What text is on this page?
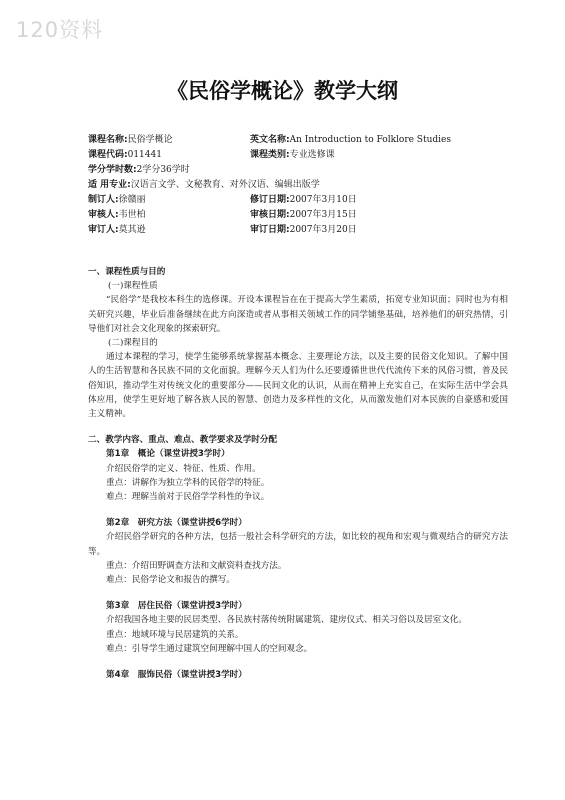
120资料
《民俗学概论》教学大纲
课程名称:民俗学概论	英文名称:An Introduction to Folklore Studies
课程代码:011441	课程类别:专业选修课
学分学时数:2学分36学时
适 用专业:汉语言文学、文秘教育、对外汉语、编辑出版学
制订人:徐赣丽	修订日期:2007年3月10日
审核人:韦世柏	审核日期:2007年3月15日
审订人:莫其逊	审订日期:2007年3月20日
一、课程性质与目的
(一)课程性质
“民俗学”是我校本科生的选修课。开设本课程旨在在于提高大学生素质，拓宽专业知识面；同时也为有相关研究兴趣，毕业后准备继续在此方向深造或者从事相关领域工作的同学铺垫基础，培养他们的研究热情，引导他们对社会文化现象的探索研究。
(二)课程目的
通过本课程的学习，使学生能够系统掌握基本概念、主要理论方法，以及主要的民俗文化知识。了解中国人的生活智慧和各民族不同的文化面貌。理解今天人们为什么还要遵循世世代代流传下来的风俗习惯，普及民俗知识，推动学生对传统文化的重要部分——民间文化的认识，从而在精神上充实自己，在实际生活中学会具体应用，使学生更好地了解各族人民的智慧、创造力及多样性的文化，从而激发他们对本民族的自豪感和爱国主义精神。
二、教学内容、重点、难点、教学要求及学时分配
第1章　概论（课堂讲授3学时）
介绍民俗学的定义、特征、性质、作用。
重点：讲解作为独立学科的民俗学的特征。
难点：理解当前对于民俗学学科性的争议。
第2章　研究方法（课堂讲授6学时）
介绍民俗学研究的各种方法，包括一般社会科学研究的方法，如比较的视角和宏观与微观结合的研究方法等。
重点：介绍田野调查方法和文献资料查找方法。
难点：民俗学论文和报告的撰写。
第3章　居住民俗（课堂讲授3学时）
介绍我国各地主要的民居类型、各民族村落传统附属建筑、建房仪式、相关习俗以及居室文化。
重点：地域环境与民居建筑的关系。
难点：引导学生通过建筑空间理解中国人的空间观念。
第4章　服饰民俗（课堂讲授3学时）
